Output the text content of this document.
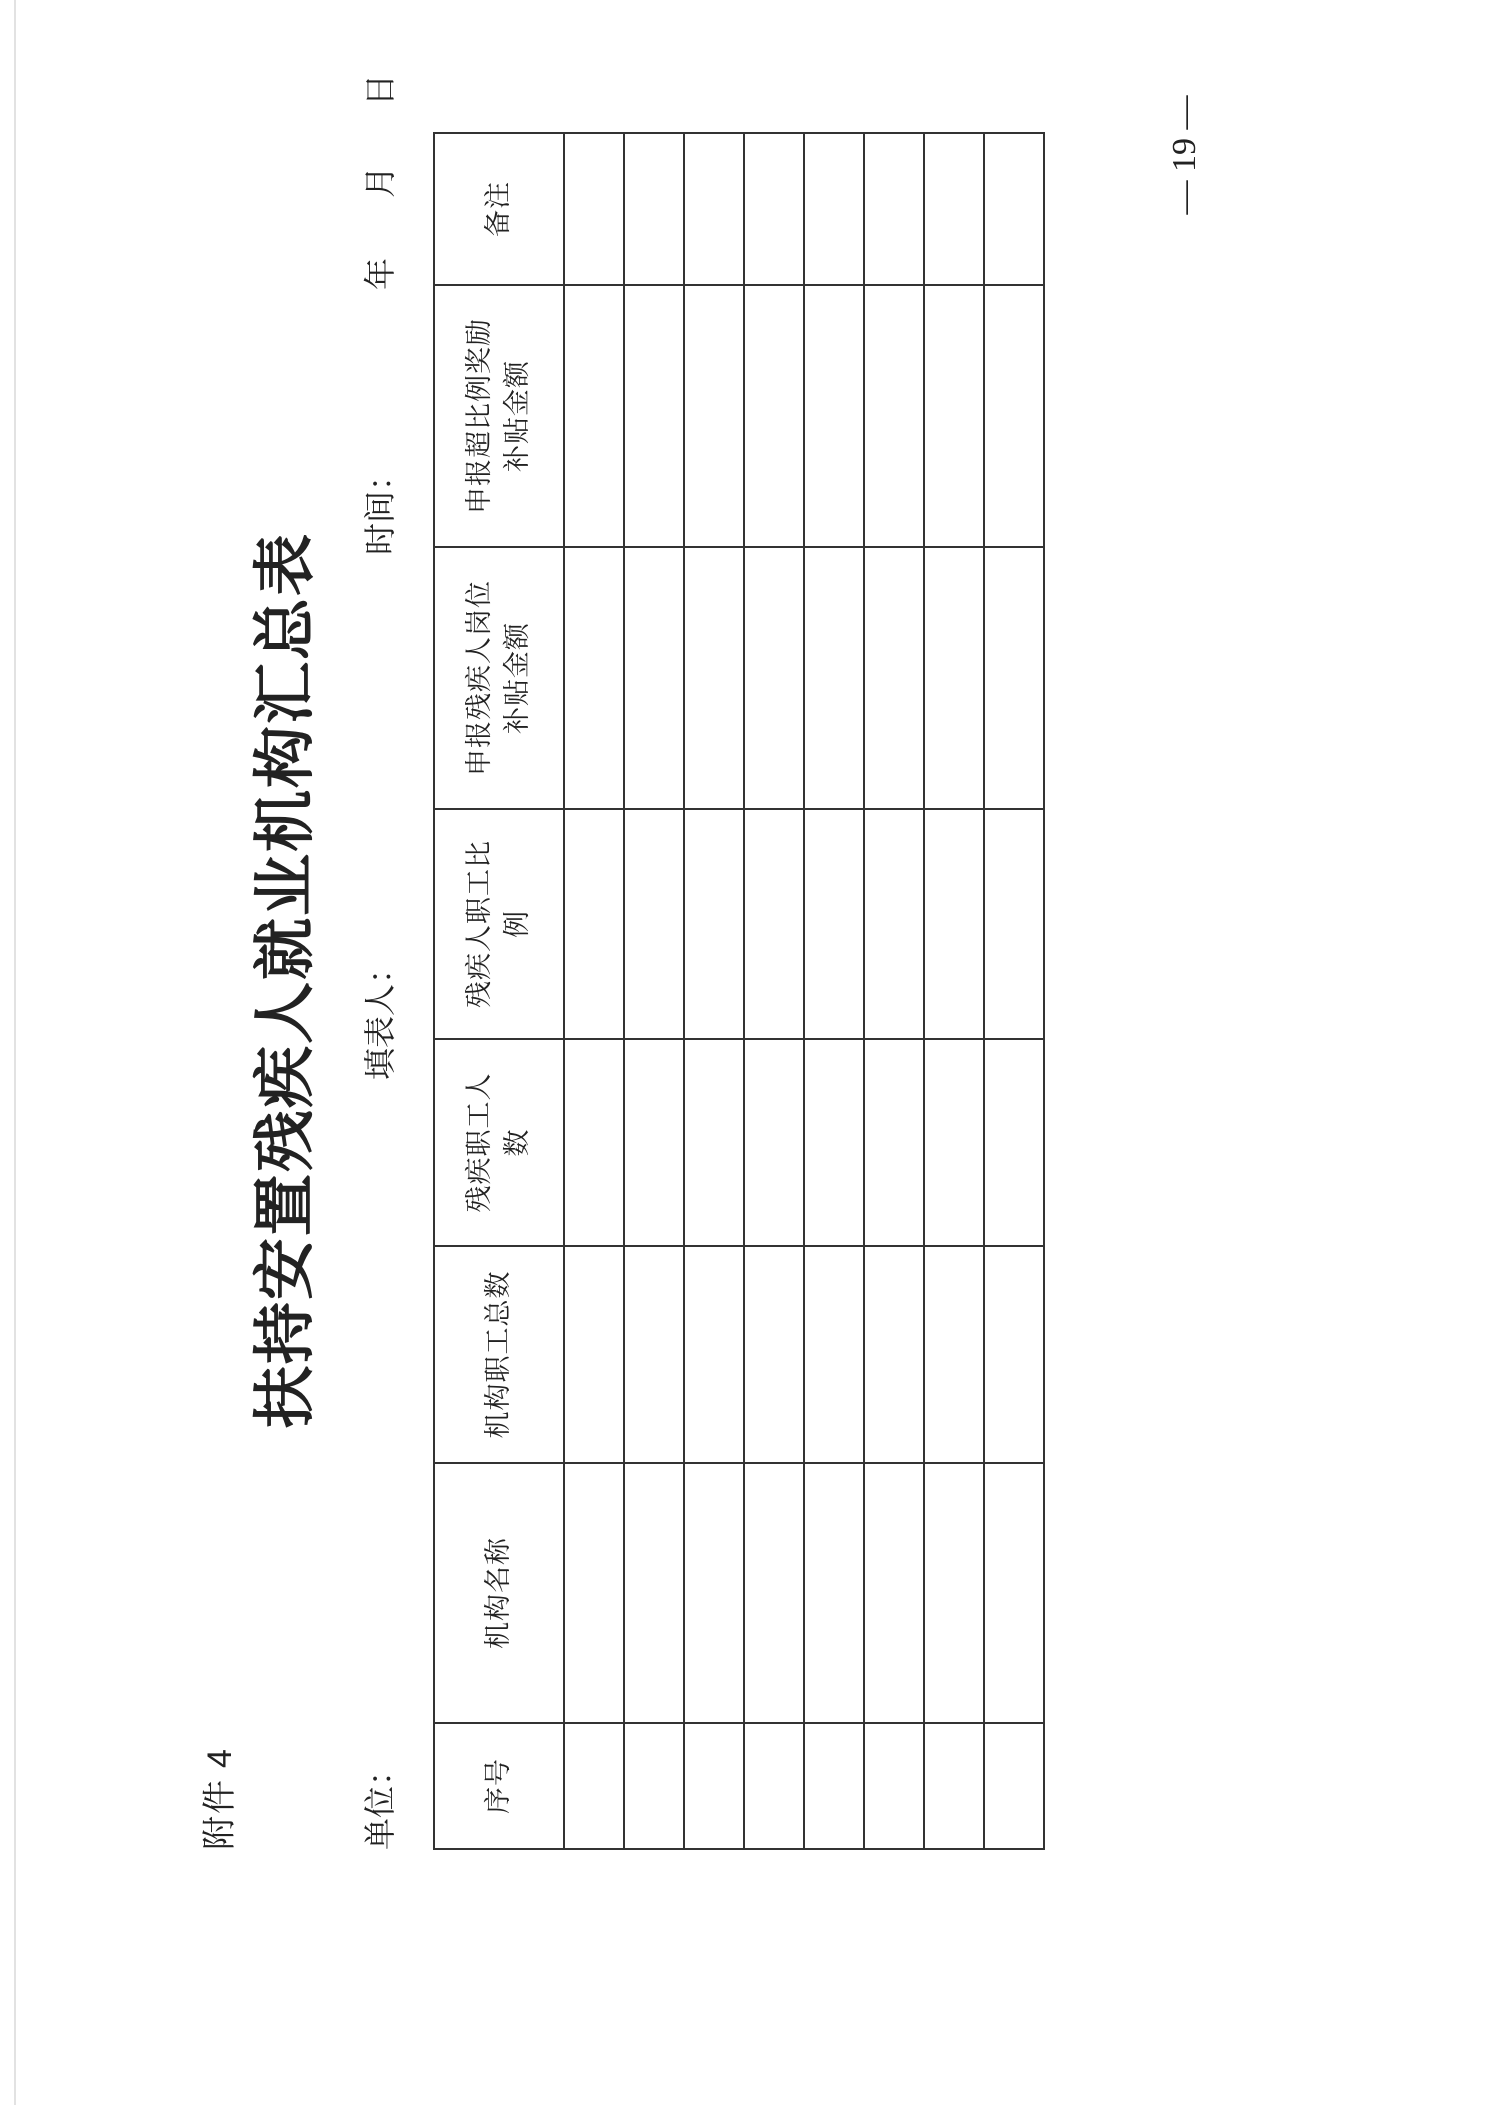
附件4
扶持安置残疾人就业机构汇总表
单位：
填表人：
时间：
年月日
序号	机构名称	机构职工总数	残疾职工人数	残疾人职工比例	申报残疾人岗位补贴金额	申报超比例奖励补贴金额	备注

								— 19 —
